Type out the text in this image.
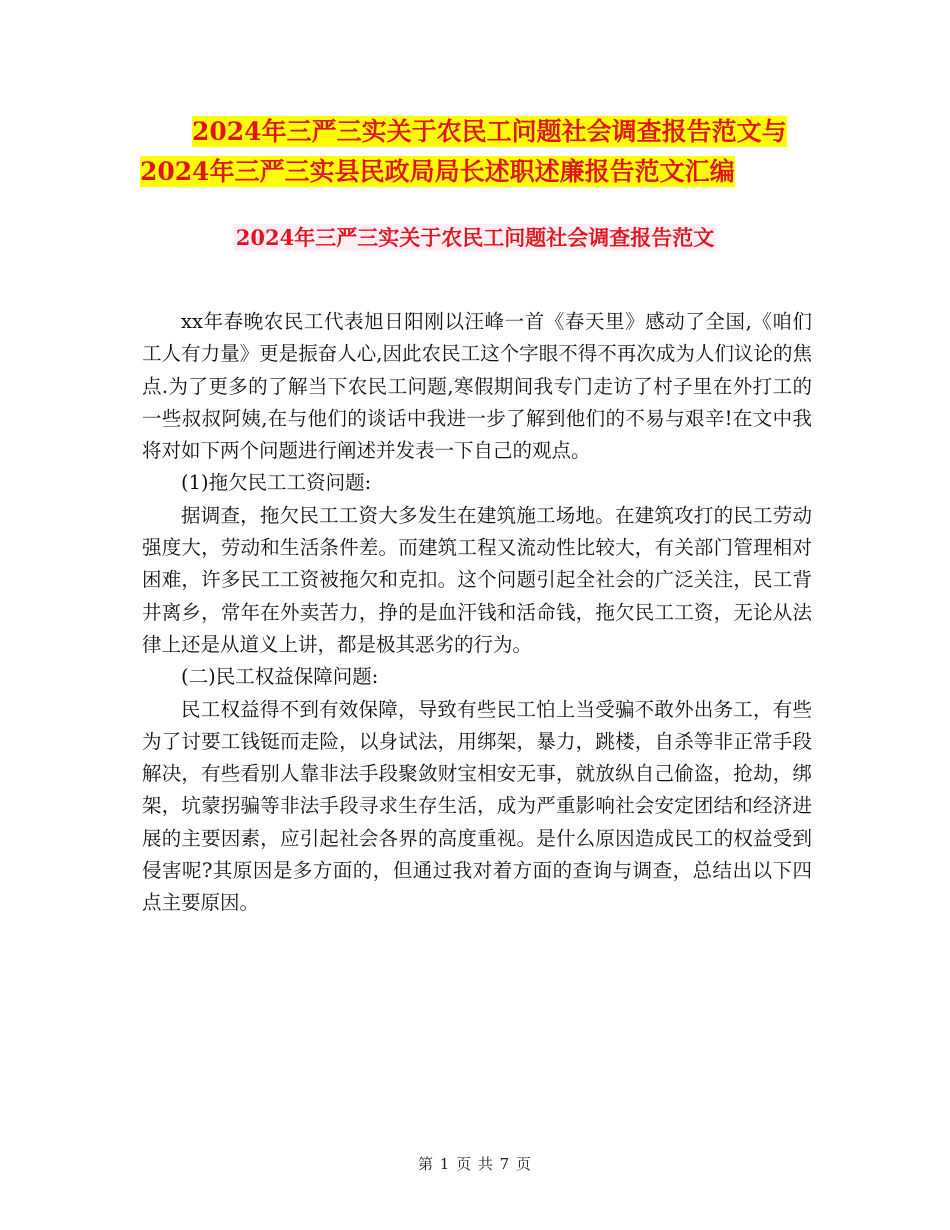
2024年三严三实关于农民工问题社会调查报告范文与
2024年三严三实县民政局局长述职述廉报告范文汇编
2024年三严三实关于农民工问题社会调查报告范文

xx年春晚农民工代表旭日阳刚以汪峰一首《春天里》感动了全国,《咱们工人有力量》更是振奋人心,因此农民工这个字眼不得不再次成为人们议论的焦点.为了更多的了解当下农民工问题,寒假期间我专门走访了村子里在外打工的一些叔叔阿姨,在与他们的谈话中我进一步了解到他们的不易与艰辛!在文中我将对如下两个问题进行阐述并发表一下自己的观点。

(1)拖欠民工工资问题:

据调查，拖欠民工工资大多发生在建筑施工场地。在建筑攻打的民工劳动强度大，劳动和生活条件差。而建筑工程又流动性比较大，有关部门管理相对困难，许多民工工资被拖欠和克扣。这个问题引起全社会的广泛关注，民工背井离乡，常年在外卖苦力，挣的是血汗钱和活命钱，拖欠民工工资，无论从法律上还是从道义上讲，都是极其恶劣的行为。

(二)民工权益保障问题:

民工权益得不到有效保障，导致有些民工怕上当受骗不敢外出务工，有些为了讨要工钱铤而走险，以身试法，用绑架，暴力，跳楼，自杀等非正常手段解决，有些看别人靠非法手段聚敛财宝相安无事，就放纵自己偷盗，抢劫，绑架，坑蒙拐骗等非法手段寻求生存生活，成为严重影响社会安定团结和经济进展的主要因素，应引起社会各界的高度重视。是什么原因造成民工的权益受到侵害呢?其原因是多方面的，但通过我对着方面的查询与调查，总结出以下四点主要原因。

第 1 页 共 7 页
